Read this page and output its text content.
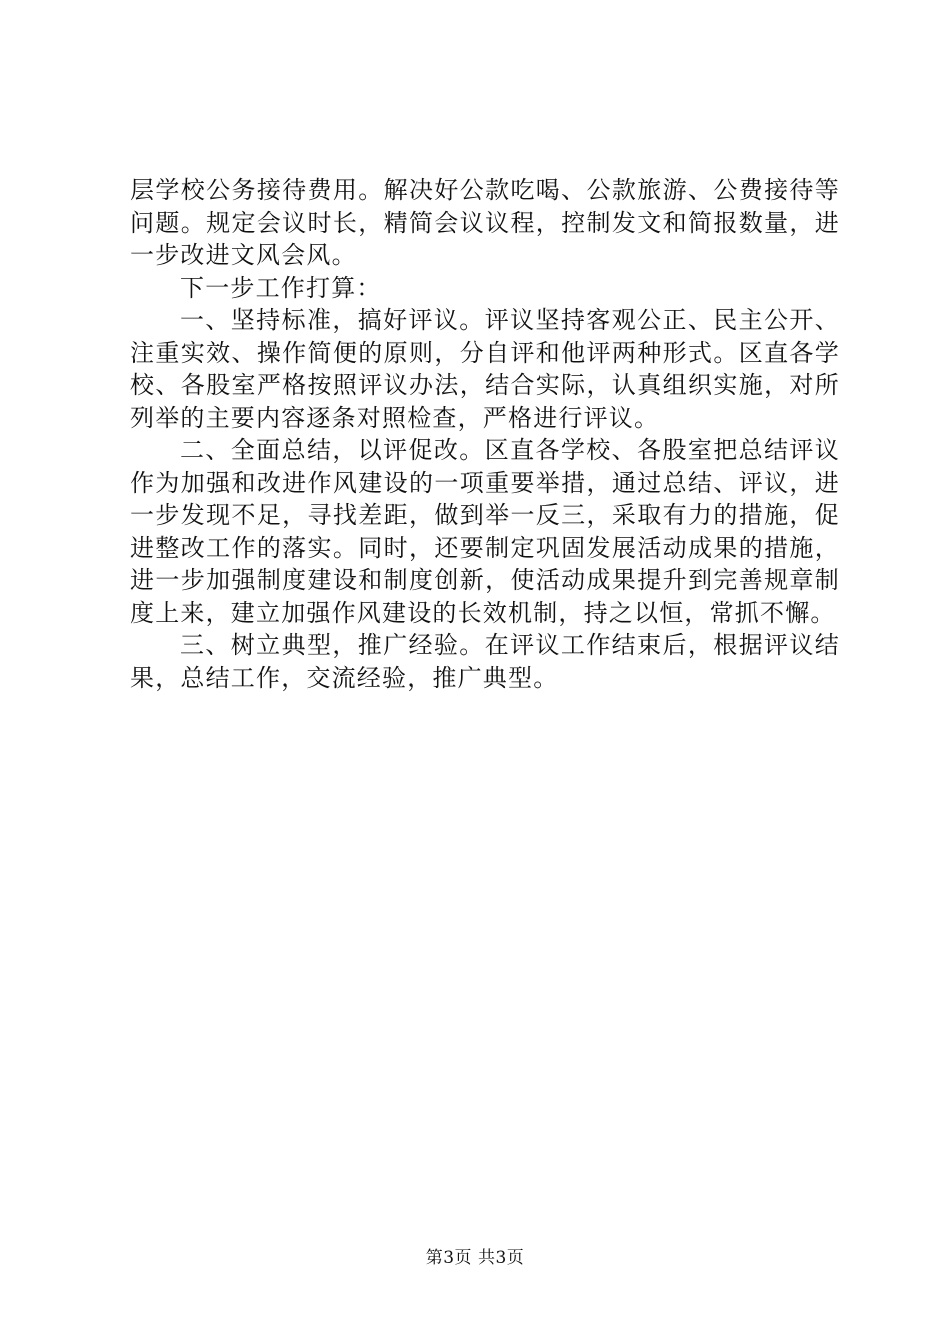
层学校公务接待费用。解决好公款吃喝、公款旅游、公费接待等问题。规定会议时长，精简会议议程，控制发文和简报数量，进一步改进文风会风。

下一步工作打算：

一、坚持标准，搞好评议。评议坚持客观公正、民主公开、注重实效、操作简便的原则，分自评和他评两种形式。区直各学校、各股室严格按照评议办法，结合实际，认真组织实施，对所列举的主要内容逐条对照检查，严格进行评议。

二、全面总结，以评促改。区直各学校、各股室把总结评议作为加强和改进作风建设的一项重要举措，通过总结、评议，进一步发现不足，寻找差距，做到举一反三，采取有力的措施，促进整改工作的落实。同时，还要制定巩固发展活动成果的措施，进一步加强制度建设和制度创新，使活动成果提升到完善规章制度上来，建立加强作风建设的长效机制，持之以恒，常抓不懈。

三、树立典型，推广经验。在评议工作结束后，根据评议结果，总结工作，交流经验，推广典型。

第3页 共3页
